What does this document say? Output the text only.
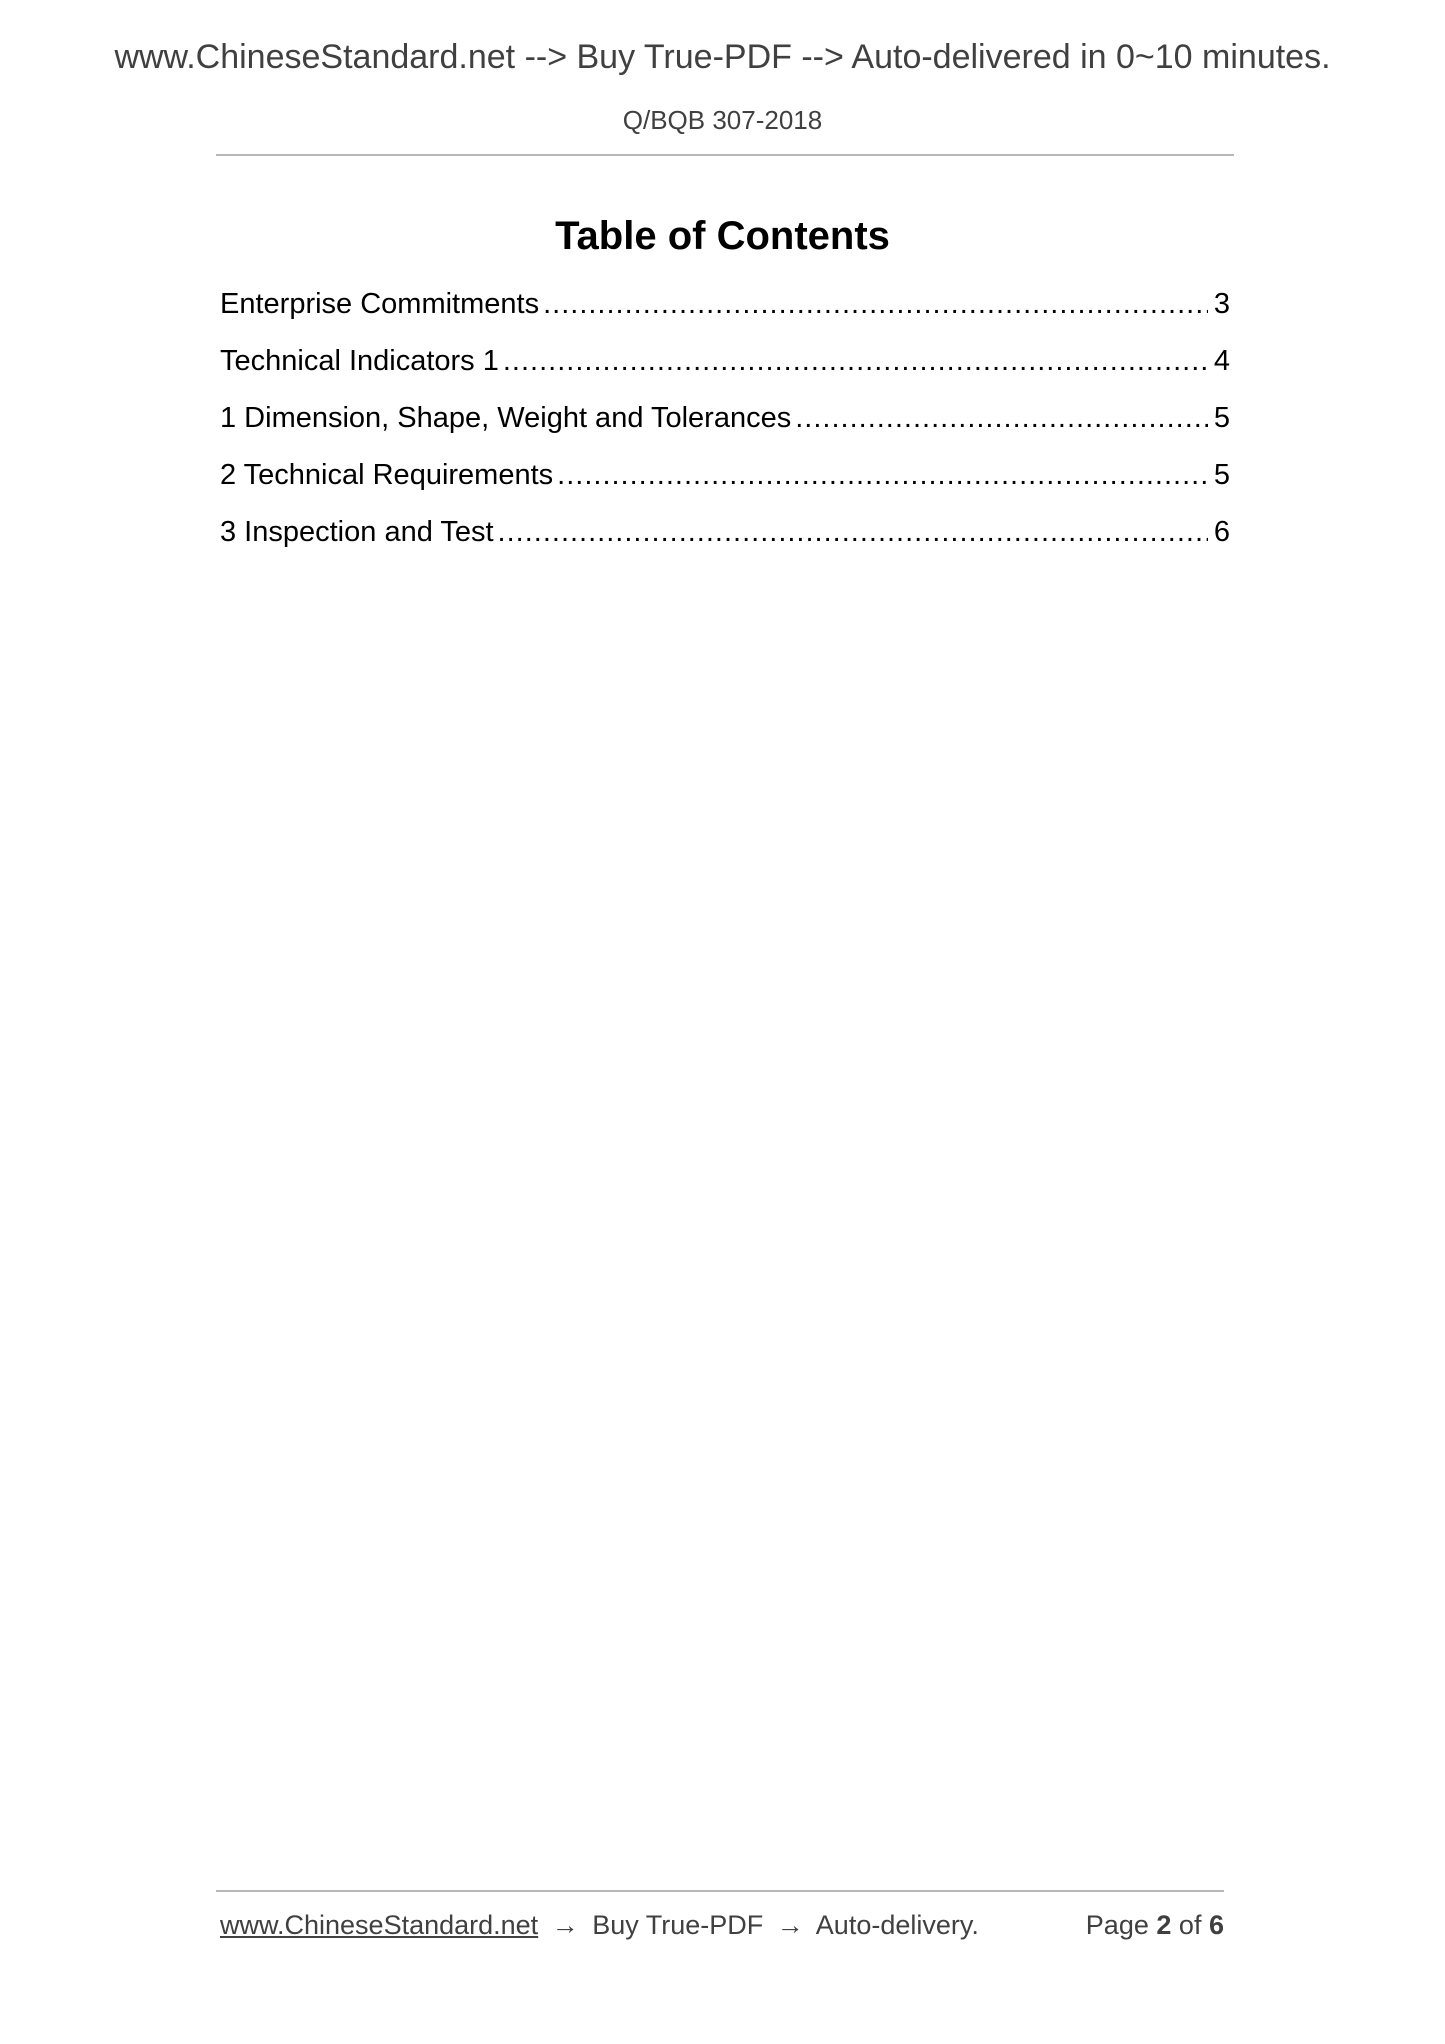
www.ChineseStandard.net --> Buy True-PDF --> Auto-delivered in 0~10 minutes.
Q/BQB 307-2018
Table of Contents
Enterprise Commitments .....	3
Technical Indicators 1 .....	4
1 Dimension, Shape, Weight and Tolerances .....	5
2 Technical Requirements .....	5
3 Inspection and Test .....	6
www.ChineseStandard.net → Buy True-PDF → Auto-delivery.	Page 2 of 6
